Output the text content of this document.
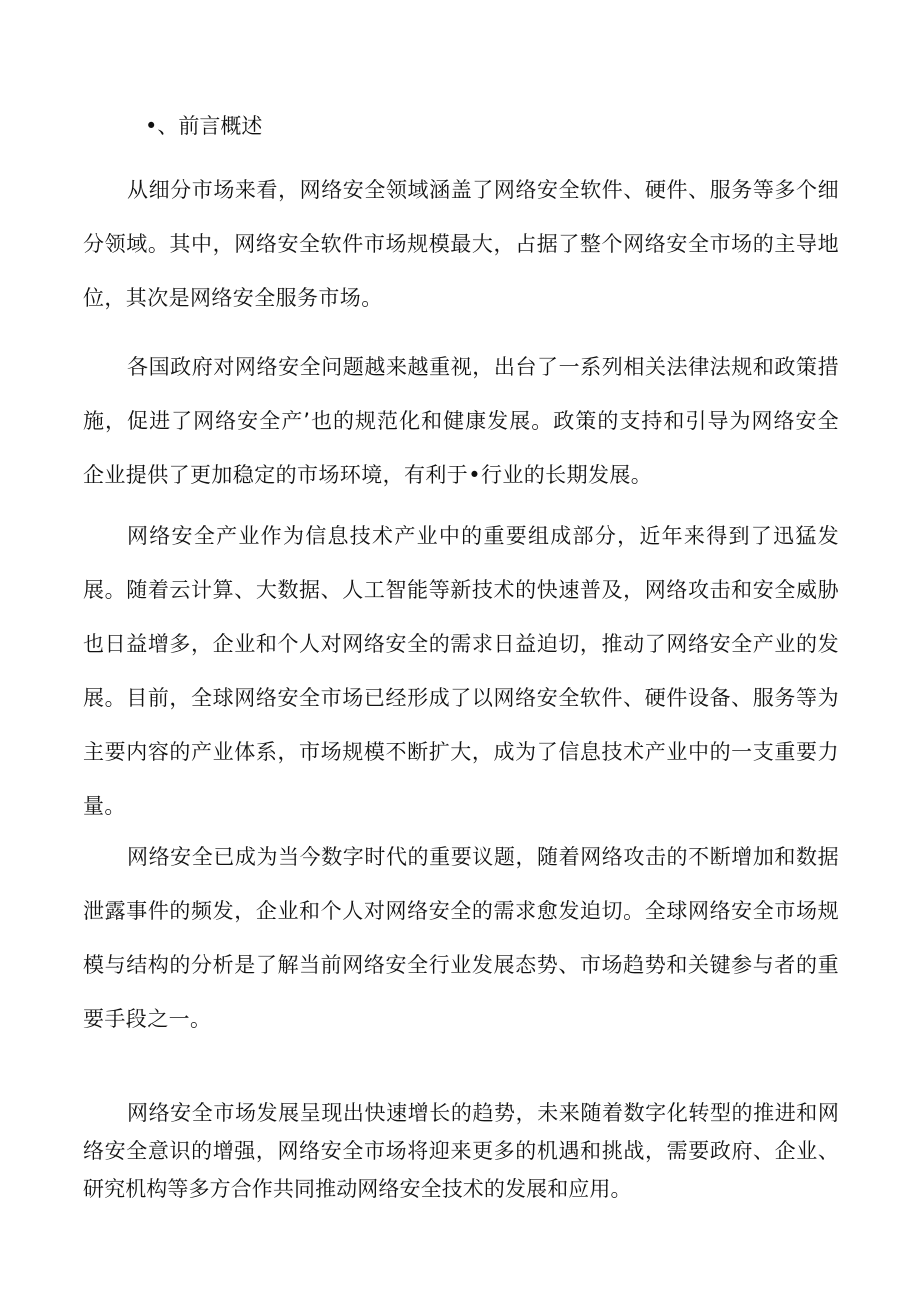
•、前言概述

从细分市场来看，网络安全领域涵盖了网络安全软件、硬件、服务等多个细分领域。其中，网络安全软件市场规模最大，占据了整个网络安全市场的主导地位，其次是网络安全服务市场。

各国政府对网络安全问题越来越重视，出台了一系列相关法律法规和政策措施，促进了网络安全产’也的规范化和健康发展。政策的支持和引导为网络安全企业提供了更加稳定的市场环境，有利于•行业的长期发展。

网络安全产业作为信息技术产业中的重要组成部分，近年来得到了迅猛发展。随着云计算、大数据、人工智能等新技术的快速普及，网络攻击和安全威胁也日益增多，企业和个人对网络安全的需求日益迫切，推动了网络安全产业的发展。目前，全球网络安全市场已经形成了以网络安全软件、硬件设备、服务等为主要内容的产业体系，市场规模不断扩大，成为了信息技术产业中的一支重要力量。

网络安全已成为当今数字时代的重要议题，随着网络攻击的不断增加和数据泄露事件的频发，企业和个人对网络安全的需求愈发迫切。全球网络安全市场规模与结构的分析是了解当前网络安全行业发展态势、市场趋势和关键参与者的重要手段之一。

网络安全市场发展呈现出快速增长的趋势，未来随着数字化转型的推进和网络安全意识的增强，网络安全市场将迎来更多的机遇和挑战，需要政府、企业、研究机构等多方合作共同推动网络安全技术的发展和应用。
